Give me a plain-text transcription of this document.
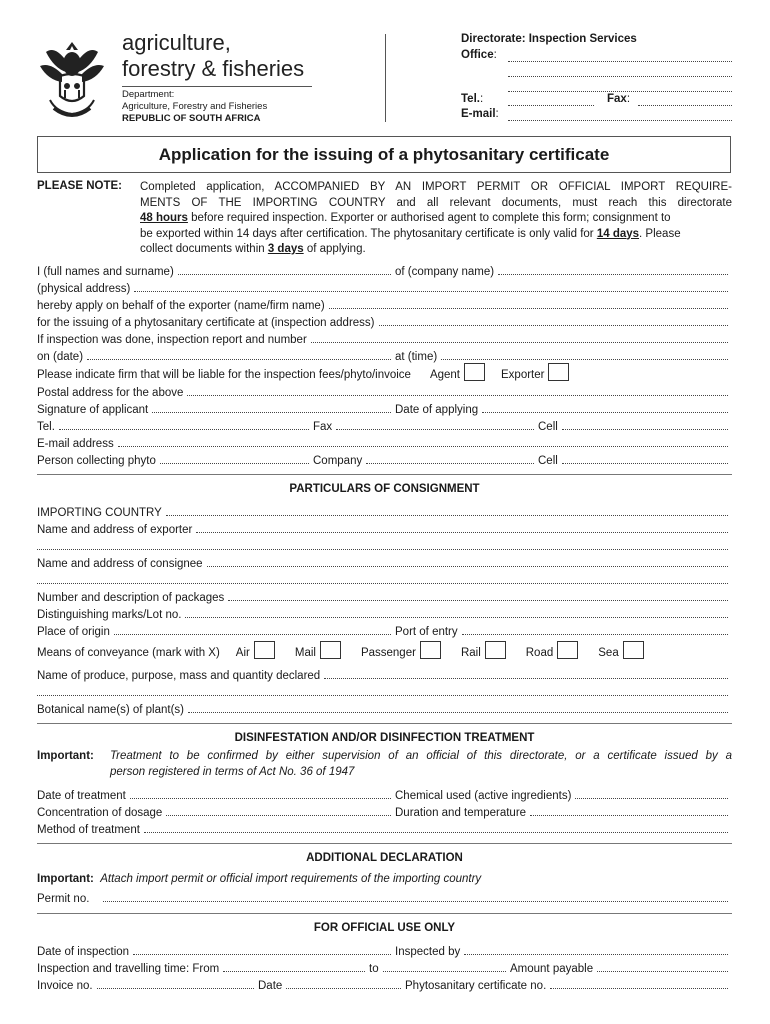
agriculture,
forestry & fisheries
Department:
Agriculture, Forestry and Fisheries
REPUBLIC OF SOUTH AFRICA
Directorate: Inspection Services
Office:
Tel.:	Fax:
E-mail:
Application for the issuing of a phytosanitary certificate
PLEASE NOTE: Completed application, ACCOMPANIED BY AN IMPORT PERMIT OR OFFICIAL IMPORT REQUIRE-
MENTS OF THE IMPORTING COUNTRY and all relevant documents, must reach this directorate
48 hours before required inspection. Exporter or authorised agent to complete this form; consignment to
be exported within 14 days after certification. The phytosanitary certificate is only valid for 14 days. Please
collect documents within 3 days of applying.
I (full names and surname)	of (company name)
(physical address)
hereby apply on behalf of the exporter (name/firm name)
for the issuing of a phytosanitary certificate at (inspection address)
If inspection was done, inspection report and number
on (date)	at (time)
Please indicate firm that will be liable for the inspection fees/phyto/invoice Agent	Exporter
Postal address for the above
Signature of applicant	Date of applying
Tel.	Fax	Cell
E-mail address
Person collecting phyto	Company	Cell
PARTICULARS OF CONSIGNMENT
IMPORTING COUNTRY
Name and address of exporter
Name and address of consignee
Number and description of packages
Distinguishing marks/Lot no.
Place of origin	Port of entry
Means of conveyance (mark with X) Air	Mail	Passenger	Rail	Road	Sea
Name of produce, purpose, mass and quantity declared
Botanical name(s) of plant(s)
DISINFESTATION AND/OR DISINFECTION TREATMENT
Important: Treatment to be confirmed by either supervision of an official of this directorate, or a certificate issued by a
person registered in terms of Act No. 36 of 1947
Date of treatment	Chemical used (active ingredients)
Concentration of dosage	Duration and temperature
Method of treatment
ADDITIONAL DECLARATION
Important: Attach import permit or official import requirements of the importing country
Permit no.
FOR OFFICIAL USE ONLY
Date of inspection	Inspected by
Inspection and travelling time: From	to	Amount payable
Invoice no.	Date	Phytosanitary certificate no.
